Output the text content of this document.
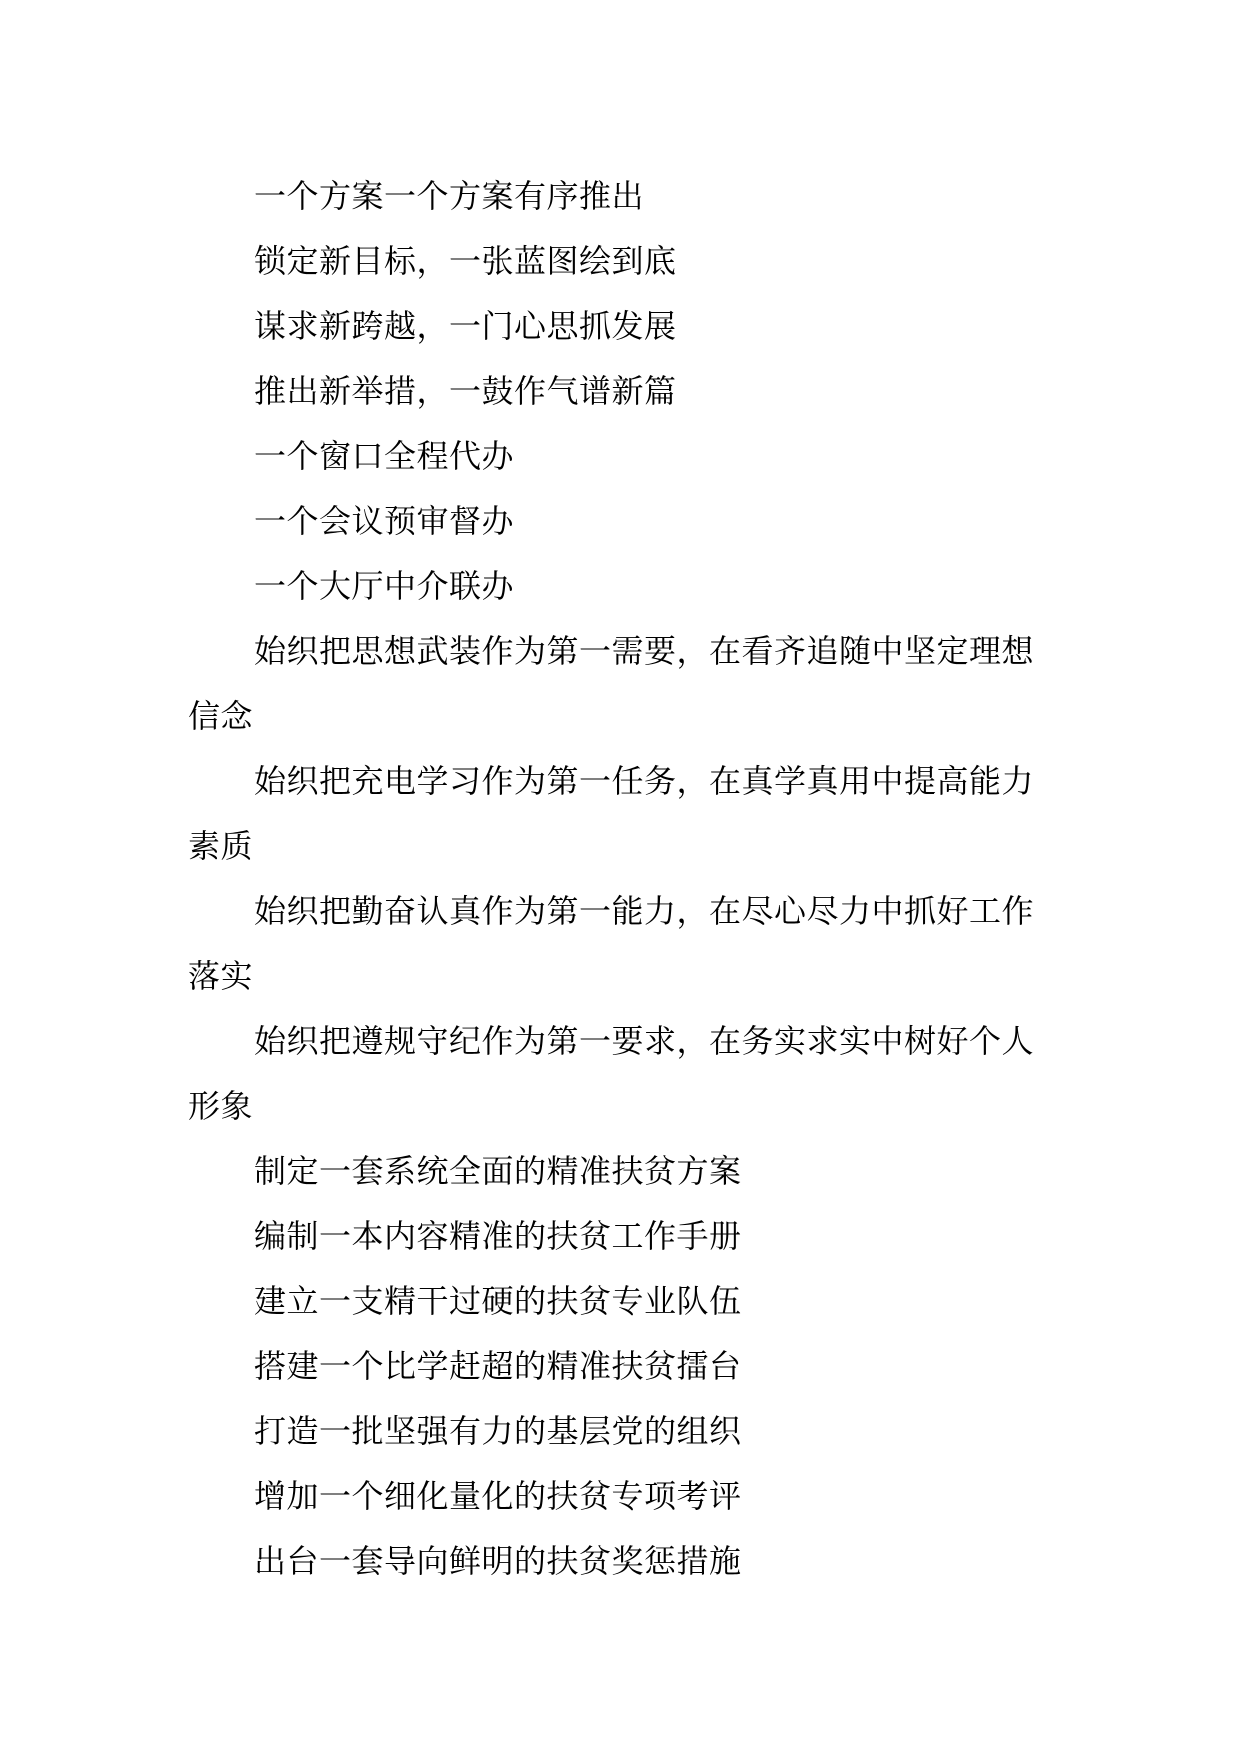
一个方案一个方案有序推出

锁定新目标，一张蓝图绘到底

谋求新跨越，一门心思抓发展

推出新举措，一鼓作气谱新篇

一个窗口全程代办

一个会议预审督办

一个大厅中介联办

始织把思想武装作为第一需要，在看齐追随中坚定理想信念

始织把充电学习作为第一任务，在真学真用中提高能力素质

始织把勤奋认真作为第一能力，在尽心尽力中抓好工作落实

始织把遵规守纪作为第一要求，在务实求实中树好个人形象

制定一套系统全面的精准扶贫方案

编制一本内容精准的扶贫工作手册

建立一支精干过硬的扶贫专业队伍

搭建一个比学赶超的精准扶贫擂台

打造一批坚强有力的基层党的组织

增加一个细化量化的扶贫专项考评

出台一套导向鲜明的扶贫奖惩措施
